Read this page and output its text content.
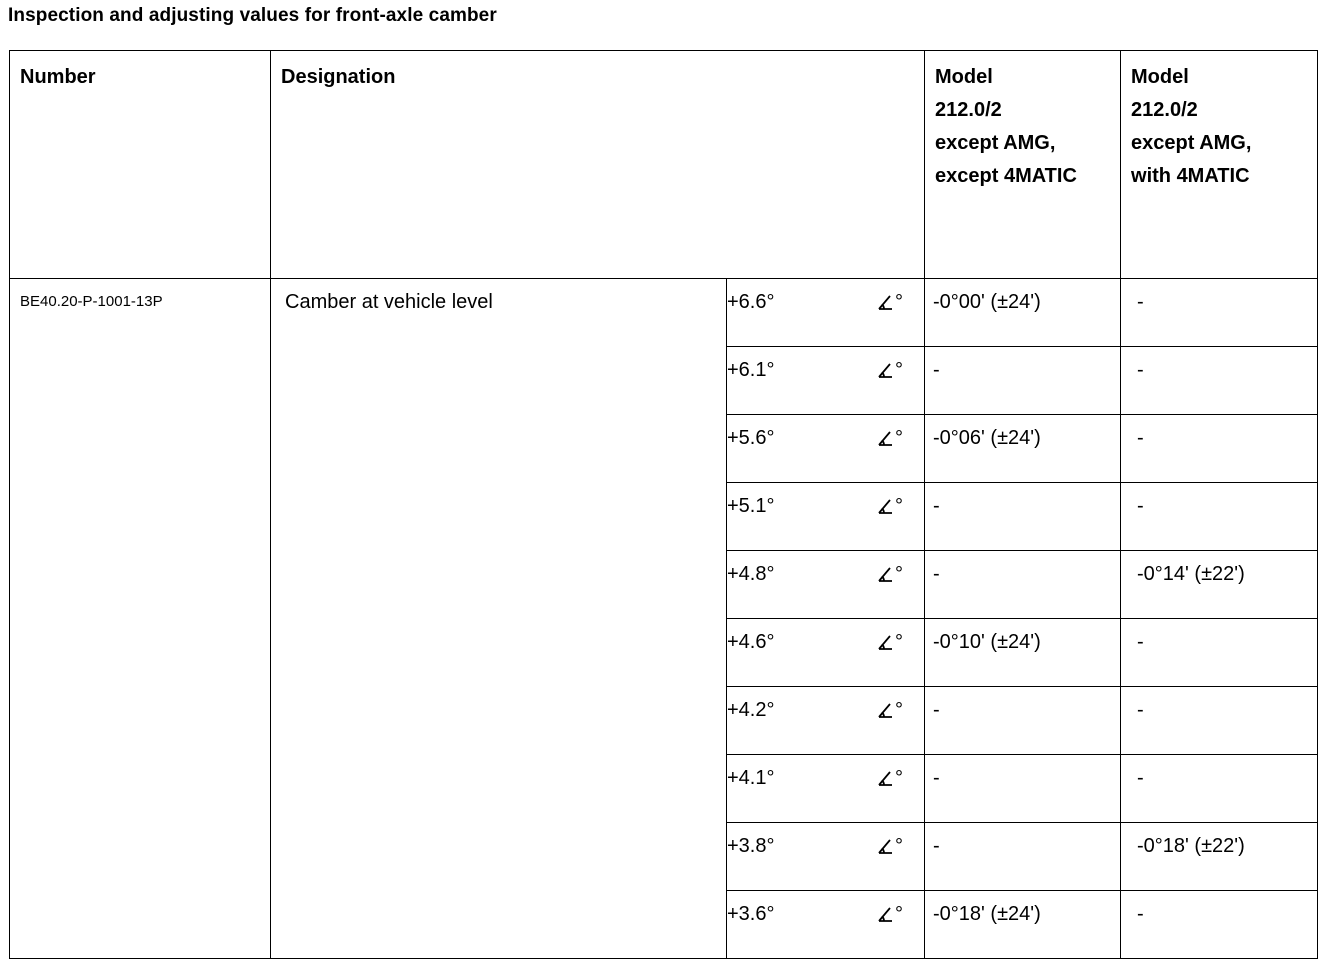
Inspection and adjusting values for front-axle camber
Number	Designation		Model
212.0/2
except AMG,
except 4MATIC	Model
212.0/2
except AMG,
with 4MATIC

BE40.20-P-1001-13P	Camber at vehicle level	+6.6° °	-0°00' (±24')	-

		+6.1° °	-	-

		+5.6° °	-0°06' (±24')	-

		+5.1° °	-	-

		+4.8° °	-	-0°14' (±22')

		+4.6° °	-0°10' (±24')	-

		+4.2° °	-	-

		+4.1° °	-	-

		+3.8° °	-	-0°18' (±22')

		+3.6° °	-0°18' (±24')	-
